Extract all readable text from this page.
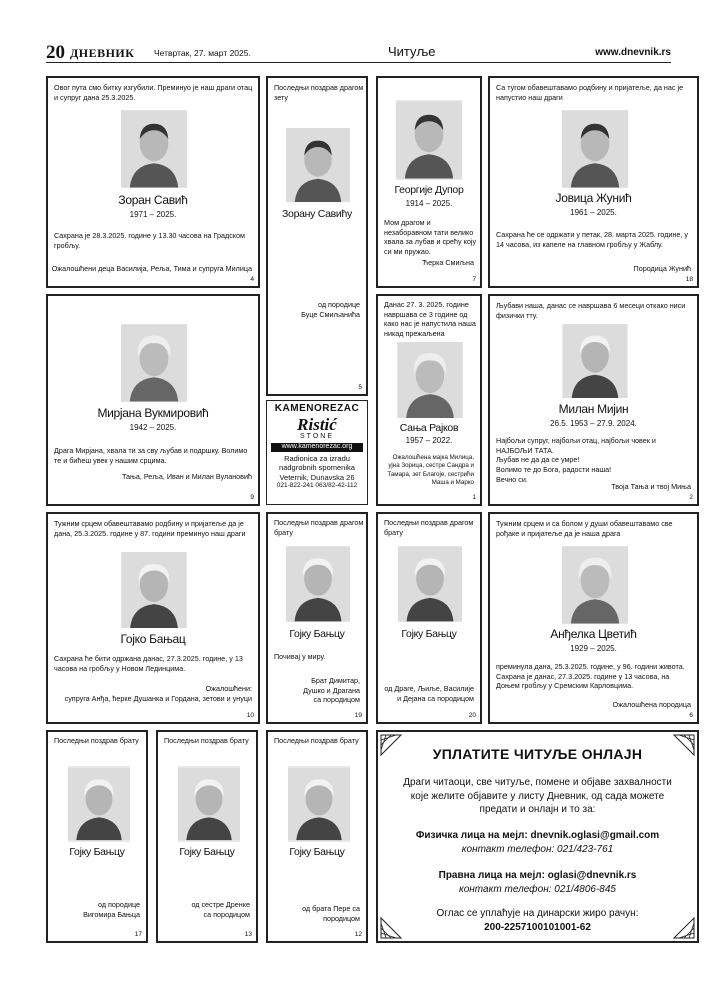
20 ДНЕВНИК Четвртак, 27. март 2025.	Читуље	www.dnevnik.rs
Овог пута смо битку изгубили. Преминуо је наш драги отац и супруг дана 25.3.2025.
Зоран Савић
1971 – 2025.
Сахрана је 28.3.2025. године у 13.30 часова на Градском гробљу.
Ожалошћени деца Василија, Рељa, Тима и супруга Милица
4
Последњи поздрав драгом зету
Зорану Савићу
од породице
Буце Смиљанића
5
Георгије Дупор
1914 – 2025.
Мом драгом и незаборавном тати велико хвала за лубав и срећу коју си ми пружао.
Ћерка Смиљна
7
Са тугом обавештавамо родбину и пријатеље, да нас је напустио наш драги
Јовица Жунић
1961 – 2025.
Сахрана ће се одржати у петак, 28. марта 2025. године, у 14 часова, из капеле на главном гробљу у Жаблу.
Породица Жунић
18
Мирјана Вукмировић
1942 – 2025.
Драга Мирјана, хвала ти за сву љубав и подршку. Волимо те и бићеш увек у нашим срцима.
Тања, Рељa, Иван и Милан Вулановић
9
KAMENOREZAC
Ristić
STONE
www.kamenorezac.org
Radionica za izradu
nadgrobnih spomenika
Veternik, Dunavska 26
021-822-241 063/82-42-112
Данас 27. 3. 2025. године навршава се 3 године од како нас је напустила наша никад прежаљена
Сања Рајков
1957 – 2022.
Ожалошћена мајка Милица, ујна Зорица, сестре Сандра и Тамара, зет Благоје, сестрићи Маша и Марко
1
Љубави наша, данас се навршава 6 месеци откако ниси физички тту.
Милан Мијин
26.5. 1953 – 27.9. 2024.
Најбољи супруг, најбољи отац, најбољи човек и НАЈБОЉИ ТАТА.
Љубав не да да се умре!
Волимо те до Бога, радости наша!
Вечно си.
Твоја Тања и твој Миња
2
Тужним срцем обавештавамо родбину и пријатеље да је дана, 25.3.2025. године у 87. години преминуо наш драги
Гојко Бањац
Сахрана ће бити одржана данас, 27.3.2025. године, у 13 часова на гробљу у Новом Лединцима.
Ожалошћени:
супруга Анђа, ћерке Душанка и Гордана, зетови и унуци
10
Последњи поздрав драгом брату
Гојку Бањцу
Почивај у миру.
Брат Димитар,
Душко и Драгана
са породицом
19
Последњи поздрав драгом брату
Гојку Бањцу
од Драге, Љиље, Василије
и Дејана са породицом
20
Тужним срцем и са болом у души обавештавамо све рођаке и пријатеље да је наша драга
Анђелка Цветић
1929 – 2025.
преминула дана, 25.3.2025. године, у 96. години живота. Сахрана је данас, 27.3.2025. године у 13 часова, на Доњем гробљу у Сремским Карловцима.
Ожалошћена породица
6
Последњи поздрав брату
Гојку Бањцу
од породице
Вигомира Бањца
17
Последњи поздрав брату
Гојку Бањцу
од сестре Дренке
са породицом
13
Последњи поздрав брату
Гојку Бањцу
од брата Пере са породицом
12
УПЛАТИТЕ ЧИТУЉЕ ОНЛАЈН
Драги читаоци, све читуље, помене и објаве захвалности које желите објавите у листу Дневник, од сада можете предати и онлајн и то за:
Физичка лица на мејл: dnevnik.oglasi@gmail.com
контакт телефон: 021/423-761
Правна лица на мејл: oglasi@dnevnik.rs
контакт телефон: 021/4806-845
Оглас се уплаћује на динарски жиро рачун:
200-2257100101001-62
